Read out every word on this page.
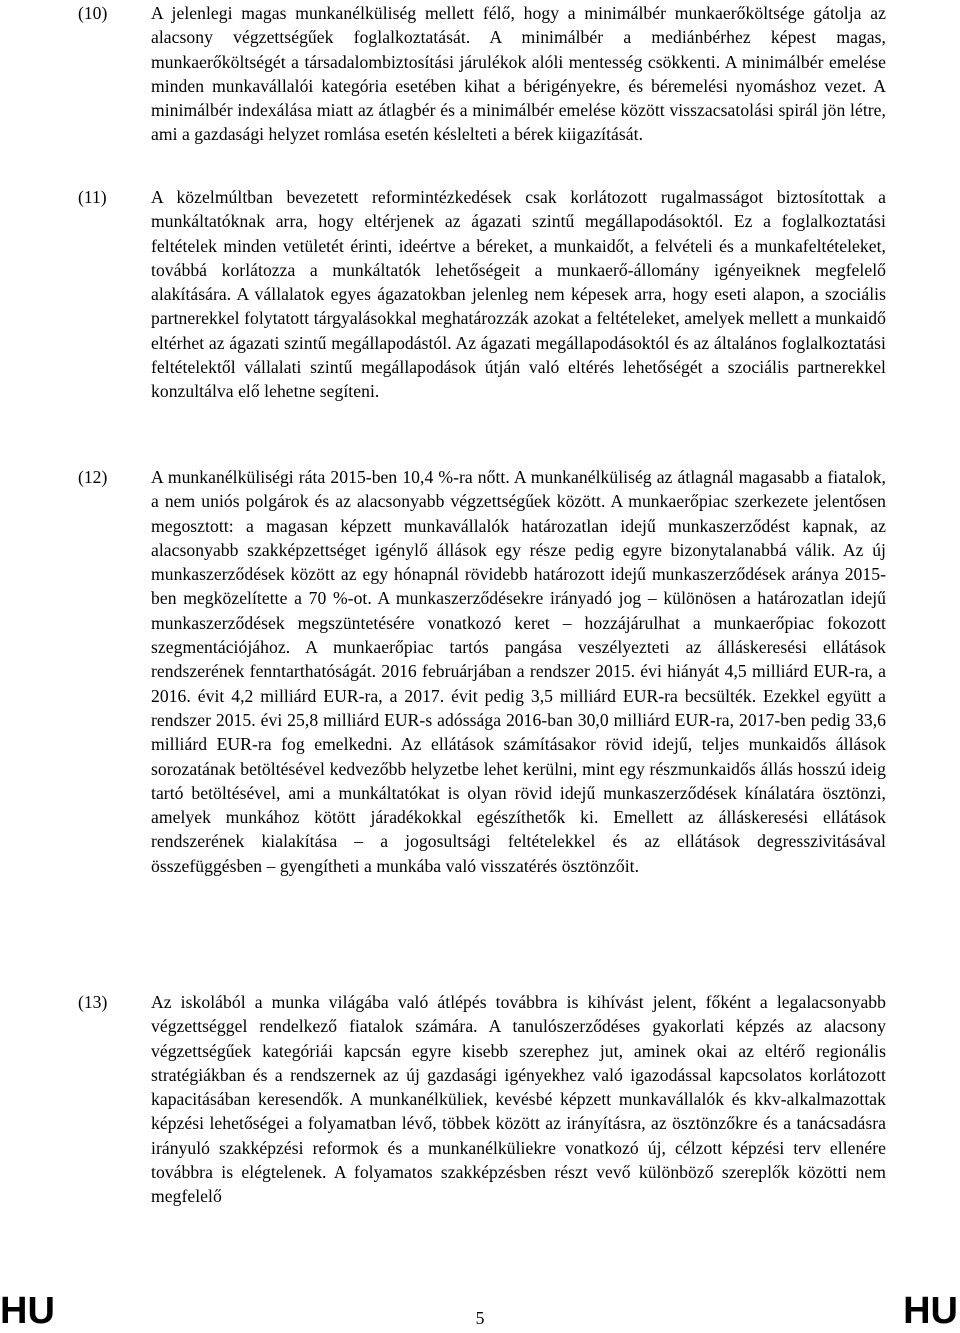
(10)	A jelenlegi magas munkanélküliség mellett félő, hogy a minimálbér munkaerőköltsége gátolja az alacsony végzettségűek foglalkoztatását. A minimálbér a mediánbérhez képest magas, munkaerőköltségét a társadalombiztosítási járulékok alóli mentesség csökkenti. A minimálbér emelése minden munkavállalói kategória esetében kihat a bérigényekre, és béremelési nyomáshoz vezet. A minimálbér indexálása miatt az átlagbér és a minimálbér emelése között visszacsatolási spirál jön létre, ami a gazdasági helyzet romlása esetén késlelteti a bérek kiigazítását.
(11)	A közelmúltban bevezetett reformintézkedések csak korlátozott rugalmasságot biztosítottak a munkáltatóknak arra, hogy eltérjenek az ágazati szintű megállapodásoktól. Ez a foglalkoztatási feltételek minden vetületét érinti, ideértve a béreket, a munkaidőt, a felvételi és a munkafeltételeket, továbbá korlátozza a munkáltatók lehetőségeit a munkaerő-állomány igényeiknek megfelelő alakítására. A vállalatok egyes ágazatokban jelenleg nem képesek arra, hogy eseti alapon, a szociális partnerekkel folytatott tárgyalásokkal meghatározzák azokat a feltételeket, amelyek mellett a munkaidő eltérhet az ágazati szintű megállapodástól. Az ágazati megállapodásoktól és az általános foglalkoztatási feltételektől vállalati szintű megállapodások útján való eltérés lehetőségét a szociális partnerekkel konzultálva elő lehetne segíteni.
(12)	A munkanélküliségi ráta 2015-ben 10,4 %-ra nőtt. A munkanélküliség az átlagnál magasabb a fiatalok, a nem uniós polgárok és az alacsonyabb végzettségűek között. A munkaerőpiac szerkezete jelentősen megosztott: a magasan képzett munkavállalók határozatlan idejű munkaszerződést kapnak, az alacsonyabb szakképzettséget igénylő állások egy része pedig egyre bizonytalanabbá válik. Az új munkaszerződések között az egy hónapnál rövidebb határozott idejű munkaszerződések aránya 2015-ben megközelítette a 70 %-ot. A munkaszerződésekre irányadó jog – különösen a határozatlan idejű munkaszerződések megszüntetésére vonatkozó keret – hozzájárulhat a munkaerőpiac fokozott szegmentációjához. A munkaerőpiac tartós pangása veszélyezteti az álláskeresési ellátások rendszerének fenntarthatóságát. 2016 februárjában a rendszer 2015. évi hiányát 4,5 milliárd EUR-ra, a 2016. évit 4,2 milliárd EUR-ra, a 2017. évit pedig 3,5 milliárd EUR-ra becsülték. Ezekkel együtt a rendszer 2015. évi 25,8 milliárd EUR-s adóssága 2016-ban 30,0 milliárd EUR-ra, 2017-ben pedig 33,6 milliárd EUR-ra fog emelkedni. Az ellátások számításakor rövid idejű, teljes munkaidős állások sorozatának betöltésével kedvezőbb helyzetbe lehet kerülni, mint egy részmunkaidős állás hosszú ideig tartó betöltésével, ami a munkáltatókat is olyan rövid idejű munkaszerződések kínálatára ösztönzi, amelyek munkához kötött járadékokkal egészíthetők ki. Emellett az álláskeresési ellátások rendszerének kialakítása – a jogosultsági feltételekkel és az ellátások degresszivitásával összefüggésben – gyengítheti a munkába való visszatérés ösztönzőit.
(13)	Az iskolából a munka világába való átlépés továbbra is kihívást jelent, főként a legalacsonyabb végzettséggel rendelkező fiatalok számára. A tanulószerződéses gyakorlati képzés az alacsony végzettségűek kategóriái kapcsán egyre kisebb szerephez jut, aminek okai az eltérő regionális stratégiákban és a rendszernek az új gazdasági igényekhez való igazodással kapcsolatos korlátozott kapacitásában keresendők. A munkanélküliek, kevésbé képzett munkavállalók és kkv-alkalmazottak képzési lehetőségei a folyamatban lévő, többek között az irányításra, az ösztönzőkre és a tanácsadásra irányuló szakképzési reformok és a munkanélküliekre vonatkozó új, célzott képzési terv ellenére továbbra is elégtelenek. A folyamatos szakképzésben részt vevő különböző szereplők közötti nem megfelelő
HU	5	HU
